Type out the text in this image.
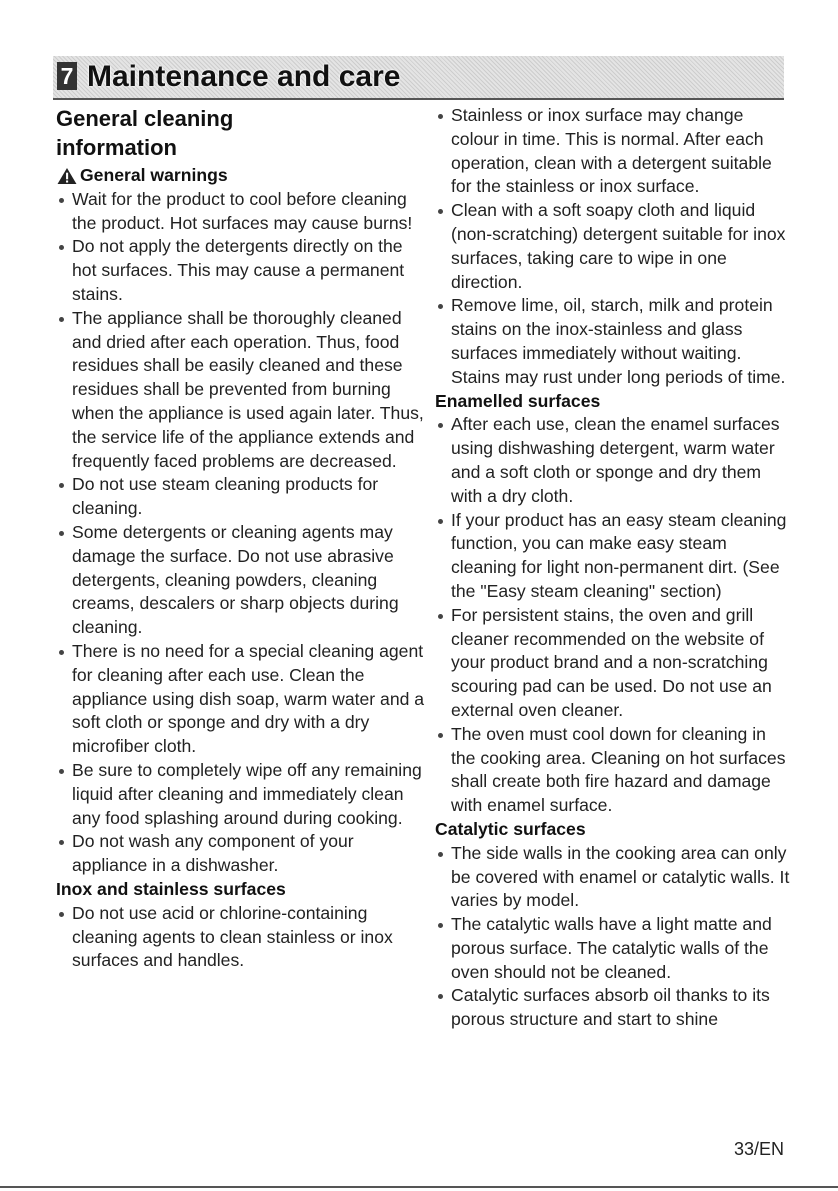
7 Maintenance and care
General cleaning
information
General warnings
Wait for the product to cool before cleaning the product. Hot surfaces may cause burns!
Do not apply the detergents directly on the hot surfaces. This may cause a permanent stains.
The appliance shall be thoroughly cleaned and dried after each operation. Thus, food residues shall be easily cleaned and these residues shall be prevented from burning when the appliance is used again later. Thus, the service life of the appliance extends and frequently faced problems are decreased.
Do not use steam cleaning products for cleaning.
Some detergents or cleaning agents may damage the surface. Do not use abrasive detergents, cleaning powders, cleaning creams, descalers or sharp objects during cleaning.
There is no need for a special cleaning agent for cleaning after each use. Clean the appliance using dish soap, warm water and a soft cloth or sponge and dry with a dry microfiber cloth.
Be sure to completely wipe off any remaining liquid after cleaning and immediately clean any food splashing around during cooking.
Do not wash any component of your appliance in a dishwasher.
Inox and stainless surfaces
Do not use acid or chlorine-containing cleaning agents to clean stainless or inox surfaces and handles.
Stainless or inox surface may change colour in time. This is normal. After each operation, clean with a detergent suitable for the stainless or inox surface.
Clean with a soft soapy cloth and liquid (non-scratching) detergent suitable for inox surfaces, taking care to wipe in one direction.
Remove lime, oil, starch, milk and protein stains on the inox-stainless and glass surfaces immediately without waiting. Stains may rust under long periods of time.
Enamelled surfaces
After each use, clean the enamel surfaces using dishwashing detergent, warm water and a soft cloth or sponge and dry them with a dry cloth.
If your product has an easy steam cleaning function, you can make easy steam cleaning for light non-permanent dirt. (See the "Easy steam cleaning" section)
For persistent stains, the oven and grill cleaner recommended on the website of your product brand and a non-scratching scouring pad can be used. Do not use an external oven cleaner.
The oven must cool down for cleaning in the cooking area. Cleaning on hot surfaces shall create both fire hazard and damage with enamel surface.
Catalytic surfaces
The side walls in the cooking area can only be covered with enamel or catalytic walls. It varies by model.
The catalytic walls have a light matte and porous surface. The catalytic walls of the oven should not be cleaned.
Catalytic surfaces absorb oil thanks to its porous structure and start to shine
33/EN
